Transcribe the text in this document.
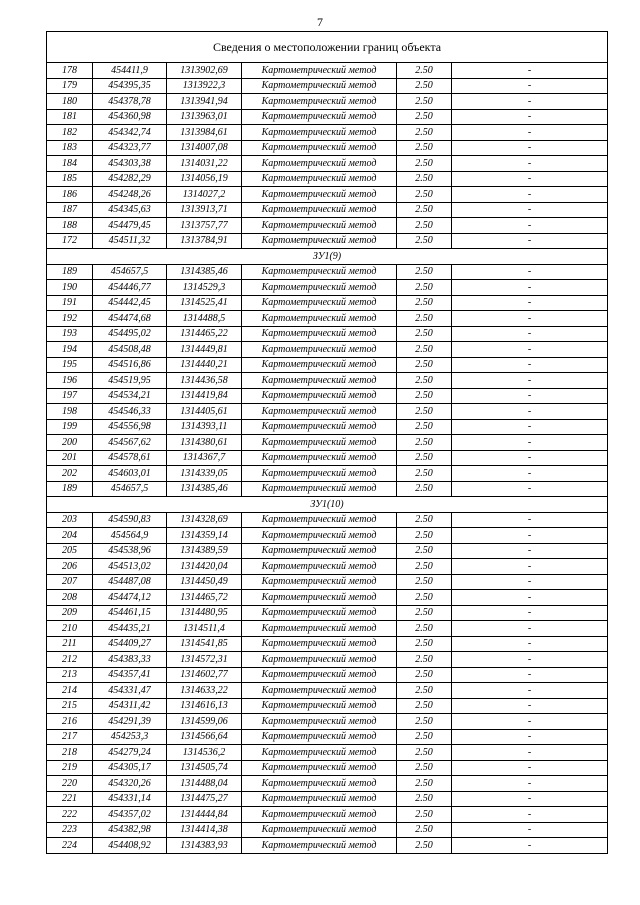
7
Сведения о местоположении границ объекта					
178	454411,9	1313902,69	Картометрический метод	2.50	-
179	454395,35	1313922,3	Картометрический метод	2.50	-
180	454378,78	1313941,94	Картометрический метод	2.50	-
181	454360,98	1313963,01	Картометрический метод	2.50	-
182	454342,74	1313984,61	Картометрический метод	2.50	-
183	454323,77	1314007,08	Картометрический метод	2.50	-
184	454303,38	1314031,22	Картометрический метод	2.50	-
185	454282,29	1314056,19	Картометрический метод	2.50	-
186	454248,26	1314027,2	Картометрический метод	2.50	-
187	454345,63	1313913,71	Картометрический метод	2.50	-
188	454479,45	1313757,77	Картометрический метод	2.50	-
172	454511,32	1313784,91	Картометрический метод	2.50	-
ЗУ1(9)					
189	454657,5	1314385,46	Картометрический метод	2.50	-
190	454446,77	1314529,3	Картометрический метод	2.50	-
191	454442,45	1314525,41	Картометрический метод	2.50	-
192	454474,68	1314488,5	Картометрический метод	2.50	-
193	454495,02	1314465,22	Картометрический метод	2.50	-
194	454508,48	1314449,81	Картометрический метод	2.50	-
195	454516,86	1314440,21	Картометрический метод	2.50	-
196	454519,95	1314436,58	Картометрический метод	2.50	-
197	454534,21	1314419,84	Картометрический метод	2.50	-
198	454546,33	1314405,61	Картометрический метод	2.50	-
199	454556,98	1314393,11	Картометрический метод	2.50	-
200	454567,62	1314380,61	Картометрический метод	2.50	-
201	454578,61	1314367,7	Картометрический метод	2.50	-
202	454603,01	1314339,05	Картометрический метод	2.50	-
189	454657,5	1314385,46	Картометрический метод	2.50	-
ЗУ1(10)					
203	454590,83	1314328,69	Картометрический метод	2.50	-
204	454564,9	1314359,14	Картометрический метод	2.50	-
205	454538,96	1314389,59	Картометрический метод	2.50	-
206	454513,02	1314420,04	Картометрический метод	2.50	-
207	454487,08	1314450,49	Картометрический метод	2.50	-
208	454474,12	1314465,72	Картометрический метод	2.50	-
209	454461,15	1314480,95	Картометрический метод	2.50	-
210	454435,21	1314511,4	Картометрический метод	2.50	-
211	454409,27	1314541,85	Картометрический метод	2.50	-
212	454383,33	1314572,31	Картометрический метод	2.50	-
213	454357,41	1314602,77	Картометрический метод	2.50	-
214	454331,47	1314633,22	Картометрический метод	2.50	-
215	454311,42	1314616,13	Картометрический метод	2.50	-
216	454291,39	1314599,06	Картометрический метод	2.50	-
217	454253,3	1314566,64	Картометрический метод	2.50	-
218	454279,24	1314536,2	Картометрический метод	2.50	-
219	454305,17	1314505,74	Картометрический метод	2.50	-
220	454320,26	1314488,04	Картометрический метод	2.50	-
221	454331,14	1314475,27	Картометрический метод	2.50	-
222	454357,02	1314444,84	Картометрический метод	2.50	-
223	454382,98	1314414,38	Картометрический метод	2.50	-
224	454408,92	1314383,93	Картометрический метод	2.50	-
